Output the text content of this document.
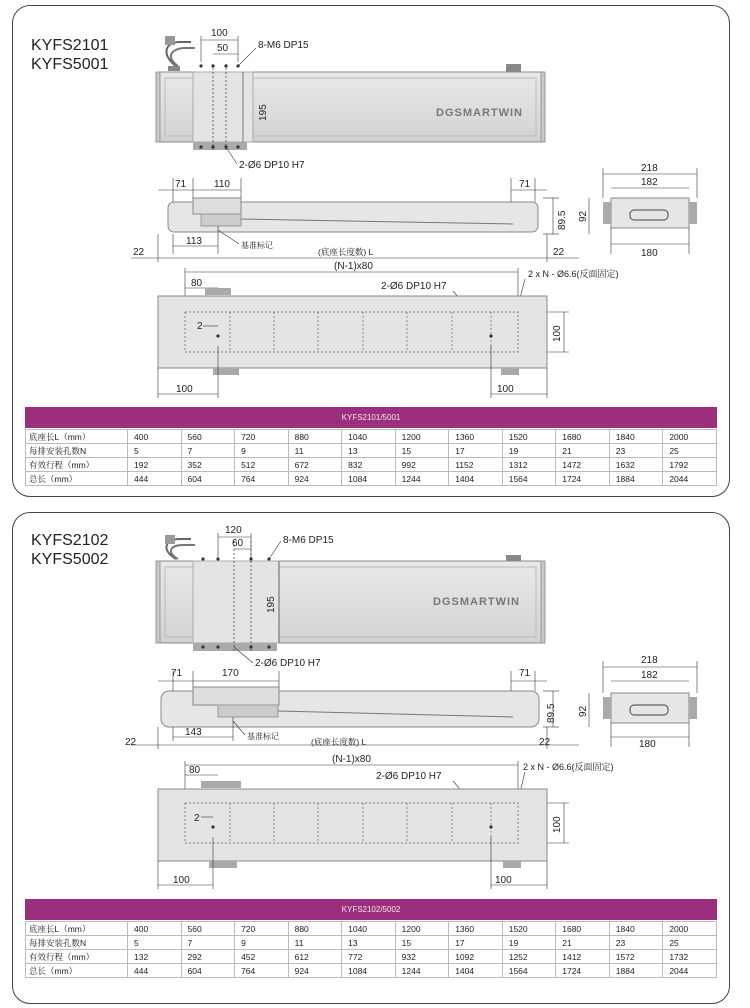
KYFS2101
KYFS5001
100
50	8-M6 DP15
195	DGSMARTWIN
2-Ø6 DP10 H7
71	110	71
89.5
113	基准标记
22	(底座长度数) L	22
218
182
92
180
(N-1)x80
2 x N - Ø6.6(反面固定)
2-Ø6 DP10 H7
80
2	100
100	100
KYFS2101/5001
底座长L（mm）	400	560	720	880	1040	1200	1360	1520	1680	1840	2000
每排安装孔数N	5	7	9	11	13	15	17	19	21	23	25
有效行程（mm）	192	352	512	672	832	992	1152	1312	1472	1632	1792
总长（mm）	444	604	764	924	1084	1244	1404	1564	1724	1884	2044
KYFS2102
KYFS5002
120
60	8-M6 DP15
195	DGSMARTWIN
2-Ø6 DP10 H7
71	170	71
89.5
143	基准标记
22	(底座长度数) L	22
218
182
92
180
(N-1)x80
2 x N - Ø6.6(反面固定)
2-Ø6 DP10 H7
80
2	100
100	100
KYFS2102/5002
底座长L（mm）	400	560	720	880	1040	1200	1360	1520	1680	1840	2000
每排安装孔数N	5	7	9	11	13	15	17	19	21	23	25
有效行程（mm）	132	292	452	612	772	932	1092	1252	1412	1572	1732
总长（mm）	444	604	764	924	1084	1244	1404	1564	1724	1884	2044
